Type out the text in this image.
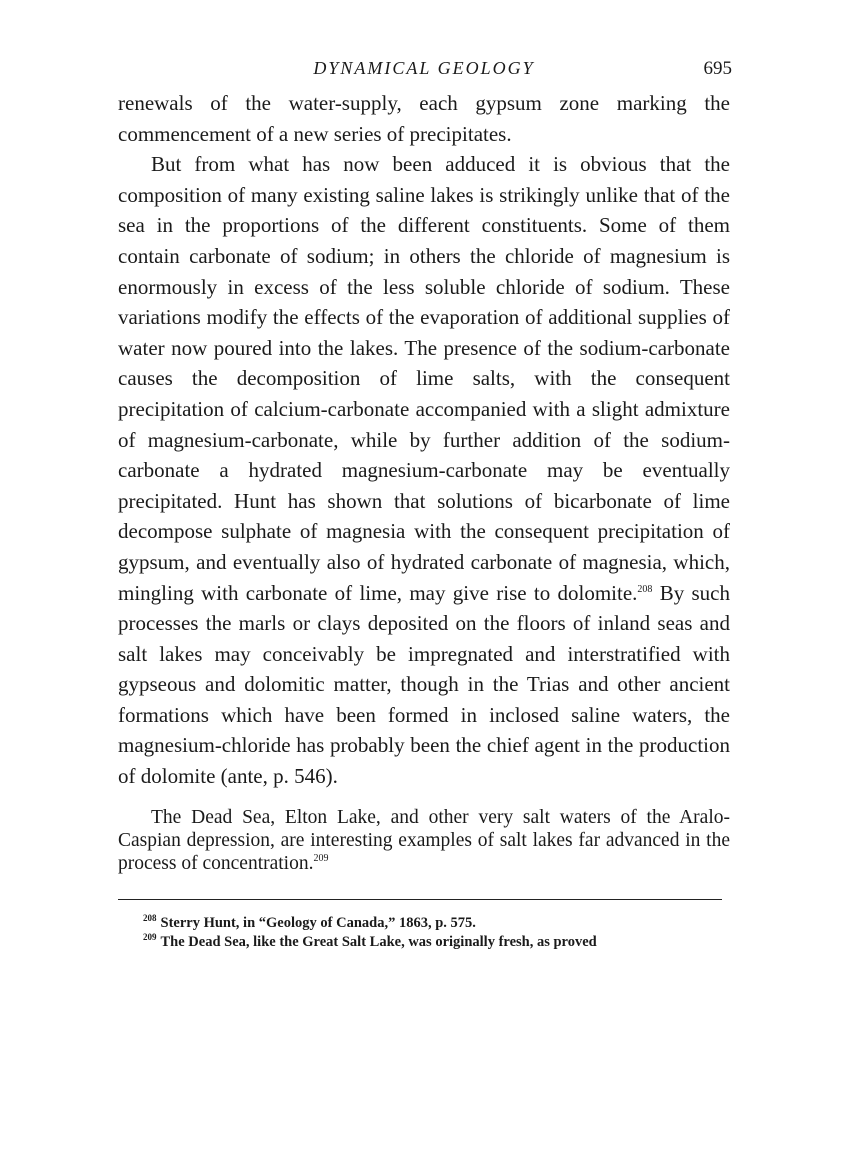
DYNAMICAL GEOLOGY	695

renewals of the water-supply, each gypsum zone marking the commencement of a new series of precipitates.

But from what has now been adduced it is obvious that the composition of many existing saline lakes is strikingly unlike that of the sea in the proportions of the different constituents. Some of them contain carbonate of sodium; in others the chloride of magnesium is enormously in excess of the less soluble chloride of sodium. These variations modify the effects of the evaporation of additional supplies of water now poured into the lakes. The presence of the sodium-carbonate causes the decomposition of lime salts, with the consequent precipitation of calcium-carbonate accompanied with a slight admixture of magnesium-carbonate, while by further addition of the sodium-carbonate a hydrated magnesium-carbonate may be eventually precipitated. Hunt has shown that solutions of bicarbonate of lime decompose sulphate of magnesia with the consequent precipitation of gypsum, and eventually also of hydrated carbonate of magnesia, which, mingling with carbonate of lime, may give rise to dolomite.$^{208}$ By such processes the marls or clays deposited on the floors of inland seas and salt lakes may conceivably be impregnated and interstratified with gypseous and dolomitic matter, though in the Trias and other ancient formations which have been formed in inclosed saline waters, the magnesium-chloride has probably been the chief agent in the production of dolomite (ante, p. 546).

The Dead Sea, Elton Lake, and other very salt waters of the Aralo-Caspian depression, are interesting examples of salt lakes far advanced in the process of concentration.$^{209}$

$^{208}$ Sterry Hunt, in “Geology of Canada,” 1863, p. 575.

$^{209}$ The Dead Sea, like the Great Salt Lake, was originally fresh, as proved
